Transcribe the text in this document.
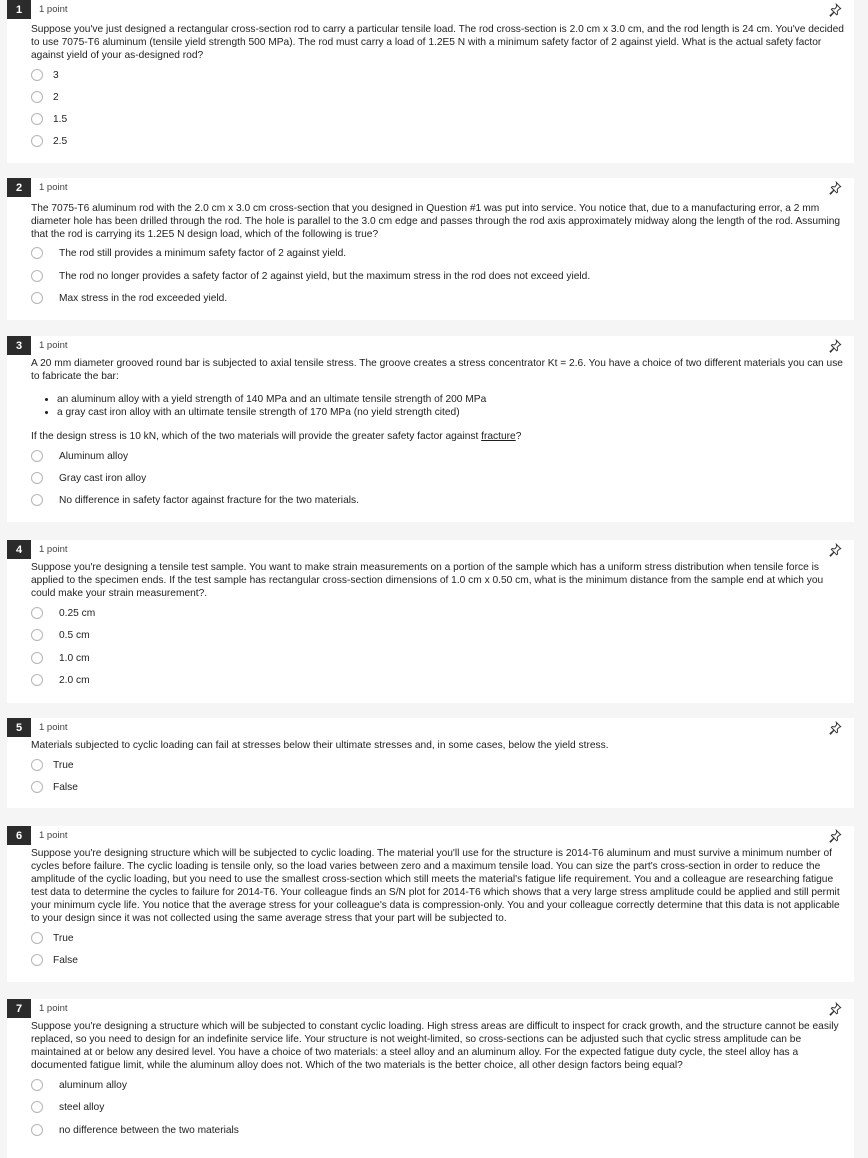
1	1 point
Suppose you've just designed a rectangular cross-section rod to carry a particular tensile load. The rod cross-section is 2.0 cm x 3.0 cm, and the rod length is 24 cm. You've decided to use 7075-T6 aluminum (tensile yield strength 500 MPa). The rod must carry a load of 1.2E5 N with a minimum safety factor of 2 against yield. What is the actual safety factor against yield of your as-designed rod?
3
2
1.5
2.5
2	1 point
The 7075-T6 aluminum rod with the 2.0 cm x 3.0 cm cross-section that you designed in Question #1 was put into service. You notice that, due to a manufacturing error, a 2 mm diameter hole has been drilled through the rod. The hole is parallel to the 3.0 cm edge and passes through the rod axis approximately midway along the length of the rod. Assuming that the rod is carrying its 1.2E5 N design load, which of the following is true?
The rod still provides a minimum safety factor of 2 against yield.
The rod no longer provides a safety factor of 2 against yield, but the maximum stress in the rod does not exceed yield.
Max stress in the rod exceeded yield.
3	1 point
A 20 mm diameter grooved round bar is subjected to axial tensile stress. The groove creates a stress concentrator Kt = 2.6. You have a choice of two different materials you can use to fabricate the bar:
• an aluminum alloy with a yield strength of 140 MPa and an ultimate tensile strength of 200 MPa
• a gray cast iron alloy with an ultimate tensile strength of 170 MPa (no yield strength cited)
If the design stress is 10 kN, which of the two materials will provide the greater safety factor against fracture?
Aluminum alloy
Gray cast iron alloy
No difference in safety factor against fracture for the two materials.
4	1 point
Suppose you're designing a tensile test sample. You want to make strain measurements on a portion of the sample which has a uniform stress distribution when tensile force is applied to the specimen ends. If the test sample has rectangular cross-section dimensions of 1.0 cm x 0.50 cm, what is the minimum distance from the sample end at which you could make your strain measurement?.
0.25 cm
0.5 cm
1.0 cm
2.0 cm
5	1 point
Materials subjected to cyclic loading can fail at stresses below their ultimate stresses and, in some cases, below the yield stress.
True
False
6	1 point
Suppose you're designing structure which will be subjected to cyclic loading. The material you'll use for the structure is 2014-T6 aluminum and must survive a minimum number of cycles before failure. The cyclic loading is tensile only, so the load varies between zero and a maximum tensile load. You can size the part's cross-section in order to reduce the amplitude of the cyclic loading, but you need to use the smallest cross-section which still meets the material's fatigue life requirement. You and a colleague are researching fatigue test data to determine the cycles to failure for 2014-T6. Your colleague finds an S/N plot for 2014-T6 which shows that a very large stress amplitude could be applied and still permit your minimum cycle life. You notice that the average stress for your colleague's data is compression-only. You and your colleague correctly determine that this data is not applicable to your design since it was not collected using the same average stress that your part will be subjected to.
True
False
7	1 point
Suppose you're designing a structure which will be subjected to constant cyclic loading. High stress areas are difficult to inspect for crack growth, and the structure cannot be easily replaced, so you need to design for an indefinite service life. Your structure is not weight-limited, so cross-sections can be adjusted such that cyclic stress amplitude can be maintained at or below any desired level. You have a choice of two materials: a steel alloy and an aluminum alloy. For the expected fatigue duty cycle, the steel alloy has a documented fatigue limit, while the aluminum alloy does not. Which of the two materials is the better choice, all other design factors being equal?
aluminum alloy
steel alloy
no difference between the two materials
